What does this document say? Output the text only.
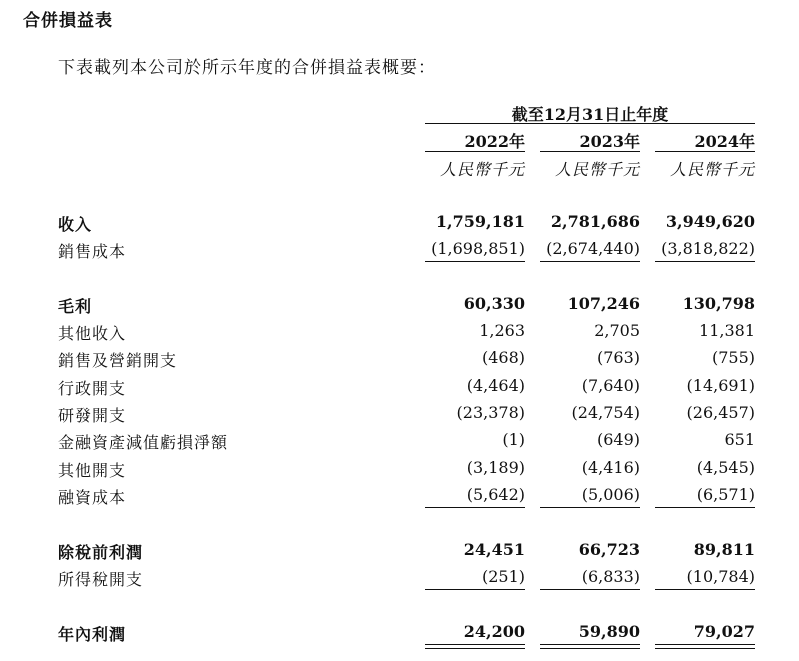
合併損益表
下表載列本公司於所示年度的合併損益表概要：
截至12月31日止年度
2022年	2023年	2024年
人民幣千元	人民幣千元	人民幣千元
收入	1,759,181	2,781,686	3,949,620
銷售成本	(1,698,851)	(2,674,440)	(3,818,822)
毛利	60,330	107,246	130,798
其他收入	1,263	2,705	11,381
銷售及營銷開支	(468)	(763)	(755)
行政開支	(4,464)	(7,640)	(14,691)
研發開支	(23,378)	(24,754)	(26,457)
金融資產減值虧損淨額	(1)	(649)	651
其他開支	(3,189)	(4,416)	(4,545)
融資成本	(5,642)	(5,006)	(6,571)
除稅前利潤	24,451	66,723	89,811
所得稅開支	(251)	(6,833)	(10,784)
年內利潤	24,200	59,890	79,027
